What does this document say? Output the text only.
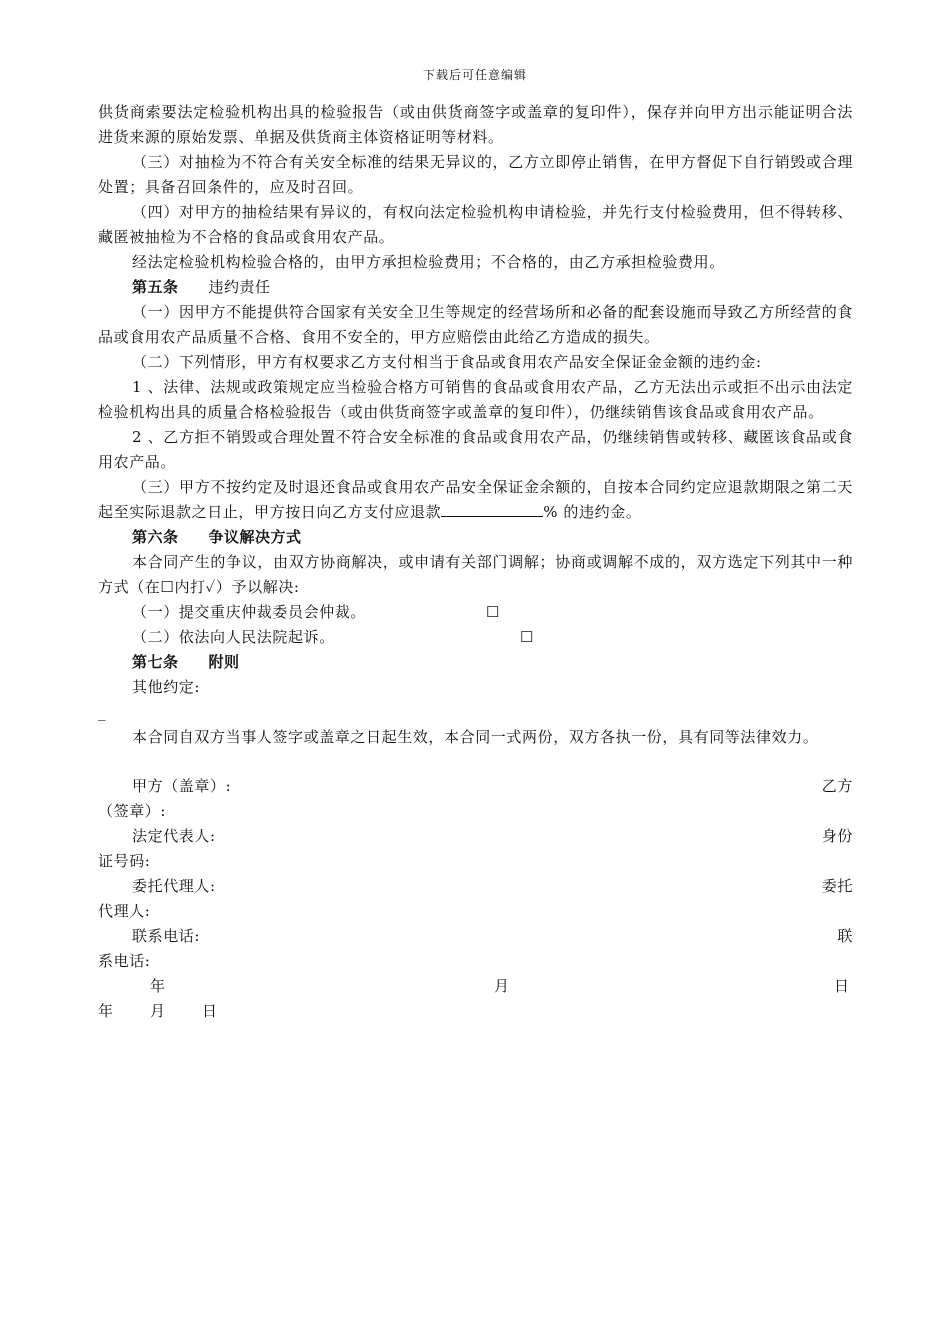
下载后可任意编辑

供货商索要法定检验机构出具的检验报告（或由供货商签字或盖章的复印件），保存并向甲方出示能证明合法进货来源的原始发票、单据及供货商主体资格证明等材料。

（三）对抽检为不符合有关安全标准的结果无异议的，乙方立即停止销售，在甲方督促下自行销毁或合理处置；具备召回条件的，应及时召回。

（四）对甲方的抽检结果有异议的，有权向法定检验机构申请检验，并先行支付检验费用，但不得转移、藏匿被抽检为不合格的食品或食用农产品。

经法定检验机构检验合格的，由甲方承担检验费用；不合格的，由乙方承担检验费用。

第五条 违约责任

（一）因甲方不能提供符合国家有关安全卫生等规定的经营场所和必备的配套设施而导致乙方所经营的食品或食用农产品质量不合格、食用不安全的，甲方应赔偿由此给乙方造成的损失。

（二）下列情形，甲方有权要求乙方支付相当于食品或食用农产品安全保证金金额的违约金:

1 、法律、法规或政策规定应当检验合格方可销售的食品或食用农产品，乙方无法出示或拒不出示由法定检验机构出具的质量合格检验报告（或由供货商签字或盖章的复印件），仍继续销售该食品或食用农产品。

2 、乙方拒不销毁或合理处置不符合安全标准的食品或食用农产品，仍继续销售或转移、藏匿该食品或食用农产品。

（三）甲方不按约定及时退还食品或食用农产品安全保证金余额的，自按本合同约定应退款期限之第二天起至实际退款之日止，甲方按日向乙方支付应退款	% 的违约金。

第六条 争议解决方式

本合同产生的争议，由双方协商解决，或申请有关部门调解；协商或调解不成的，双方选定下列其中一种方式（在☐内打✓）予以解决:

（一）提交重庆仲裁委员会仲裁。	☐

（二）依法向人民法院起诉。	☐

第七条 附则

其他约定:

_

本合同自双方当事人签字或盖章之日起生效，本合同一式两份，双方各执一份，具有同等法律效力。

甲方（盖章）:	乙方

（签章）:

法定代表人:	身份

证号码:

委托代理人:	委托

代理人:

联系电话:	联

系电话:

年	月	日
年 月 日
